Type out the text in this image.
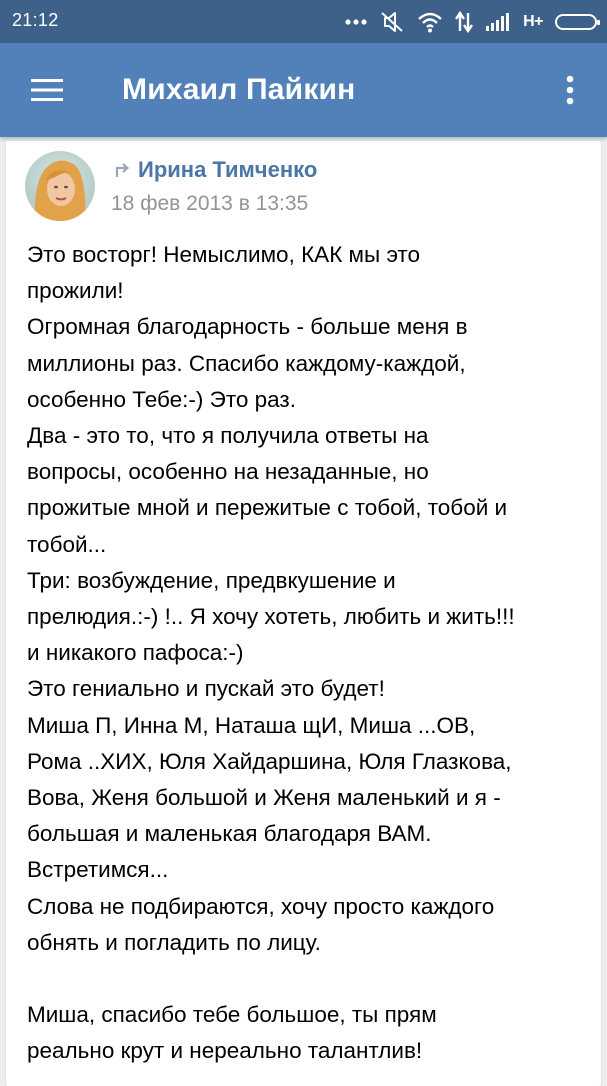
21:12	H+
Михаил Пайкин
Ирина Тимченко
18 фев 2013 в 13:35

Это восторг! Немыслимо, КАК мы это
прожили!
Огромная благодарность - больше меня в
миллионы раз. Спасибо каждому-каждой,
особенно Тебе:-) Это раз.
Два - это то, что я получила ответы на
вопросы, особенно на незаданные, но
прожитые мной и пережитые с тобой, тобой и
тобой...
Три: возбуждение, предвкушение и
прелюдия.:-) !.. Я хочу хотеть, любить и жить!!!
и никакого пафоса:-)
Это гениально и пускай это будет!
Миша П, Инна М, Наташа щИ, Миша ...ОВ,
Рома ..ХИХ, Юля Хайдаршина, Юля Глазкова,
Вова, Женя большой и Женя маленький и я -
большая и маленькая благодаря ВАМ.
Встретимся...
Слова не подбираются, хочу просто каждого
обнять и погладить по лицу.

Миша, спасибо тебе большое, ты прям
реально крут и нереально талантлив!
